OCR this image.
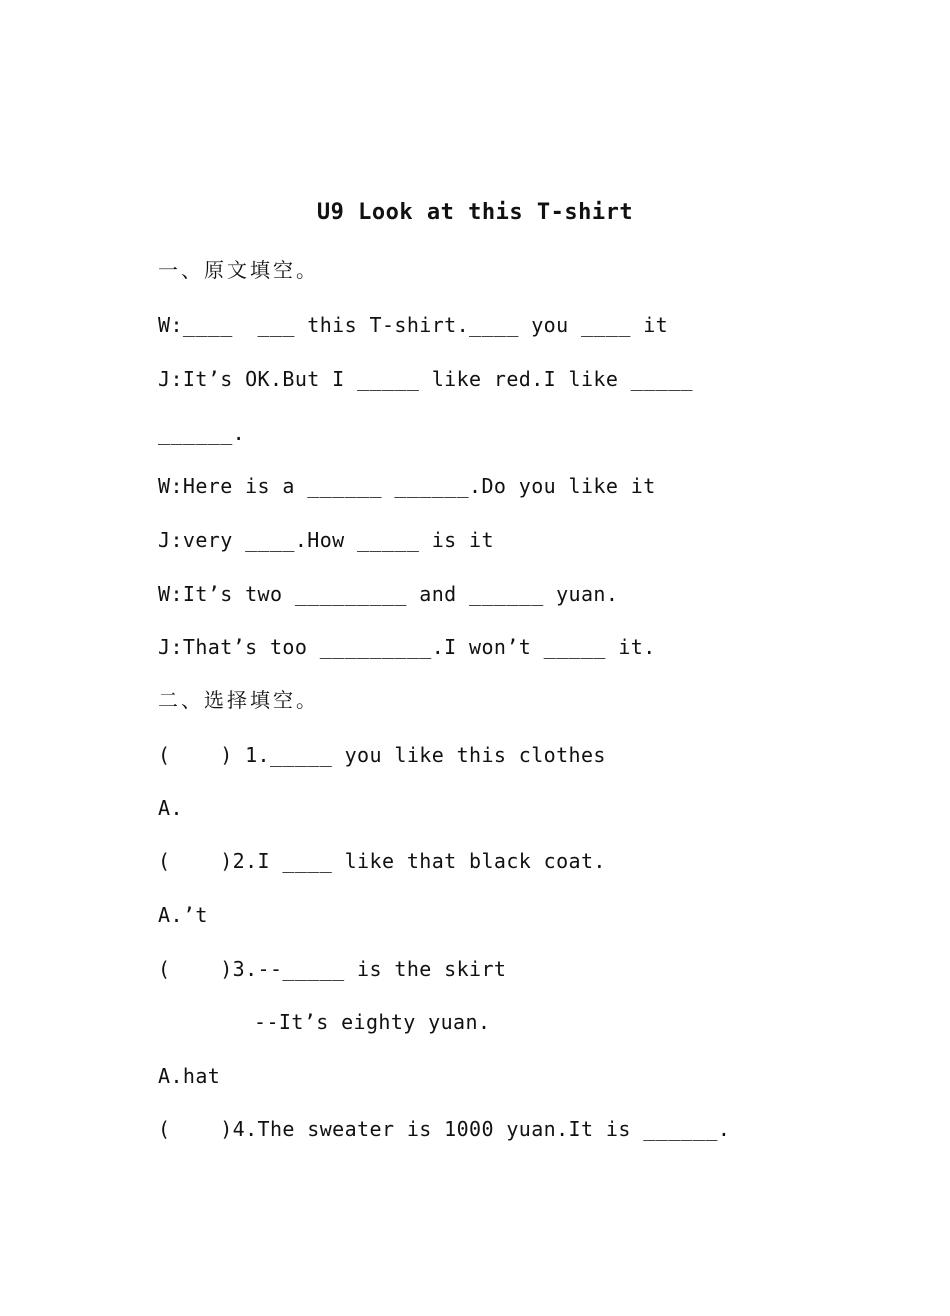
U9 Look at this T-shirt
一、原文填空。
W:____  ___ this T-shirt.____ you ____ it
J:It’s OK.But I _____ like red.I like _____
______.
W:Here is a ______ ______.Do you like it
J:very ____.How _____ is it
W:It’s two _________ and ______ yuan.
J:That’s too _________.I won’t _____ it.
二、选择填空。
(    ) 1._____ you like this clothes
A.
(    )2.I ____ like that black coat.
A.’t
(    )3.--_____ is the skirt
--It’s eighty yuan.
A.hat
(    )4.The sweater is 1000 yuan.It is ______.
